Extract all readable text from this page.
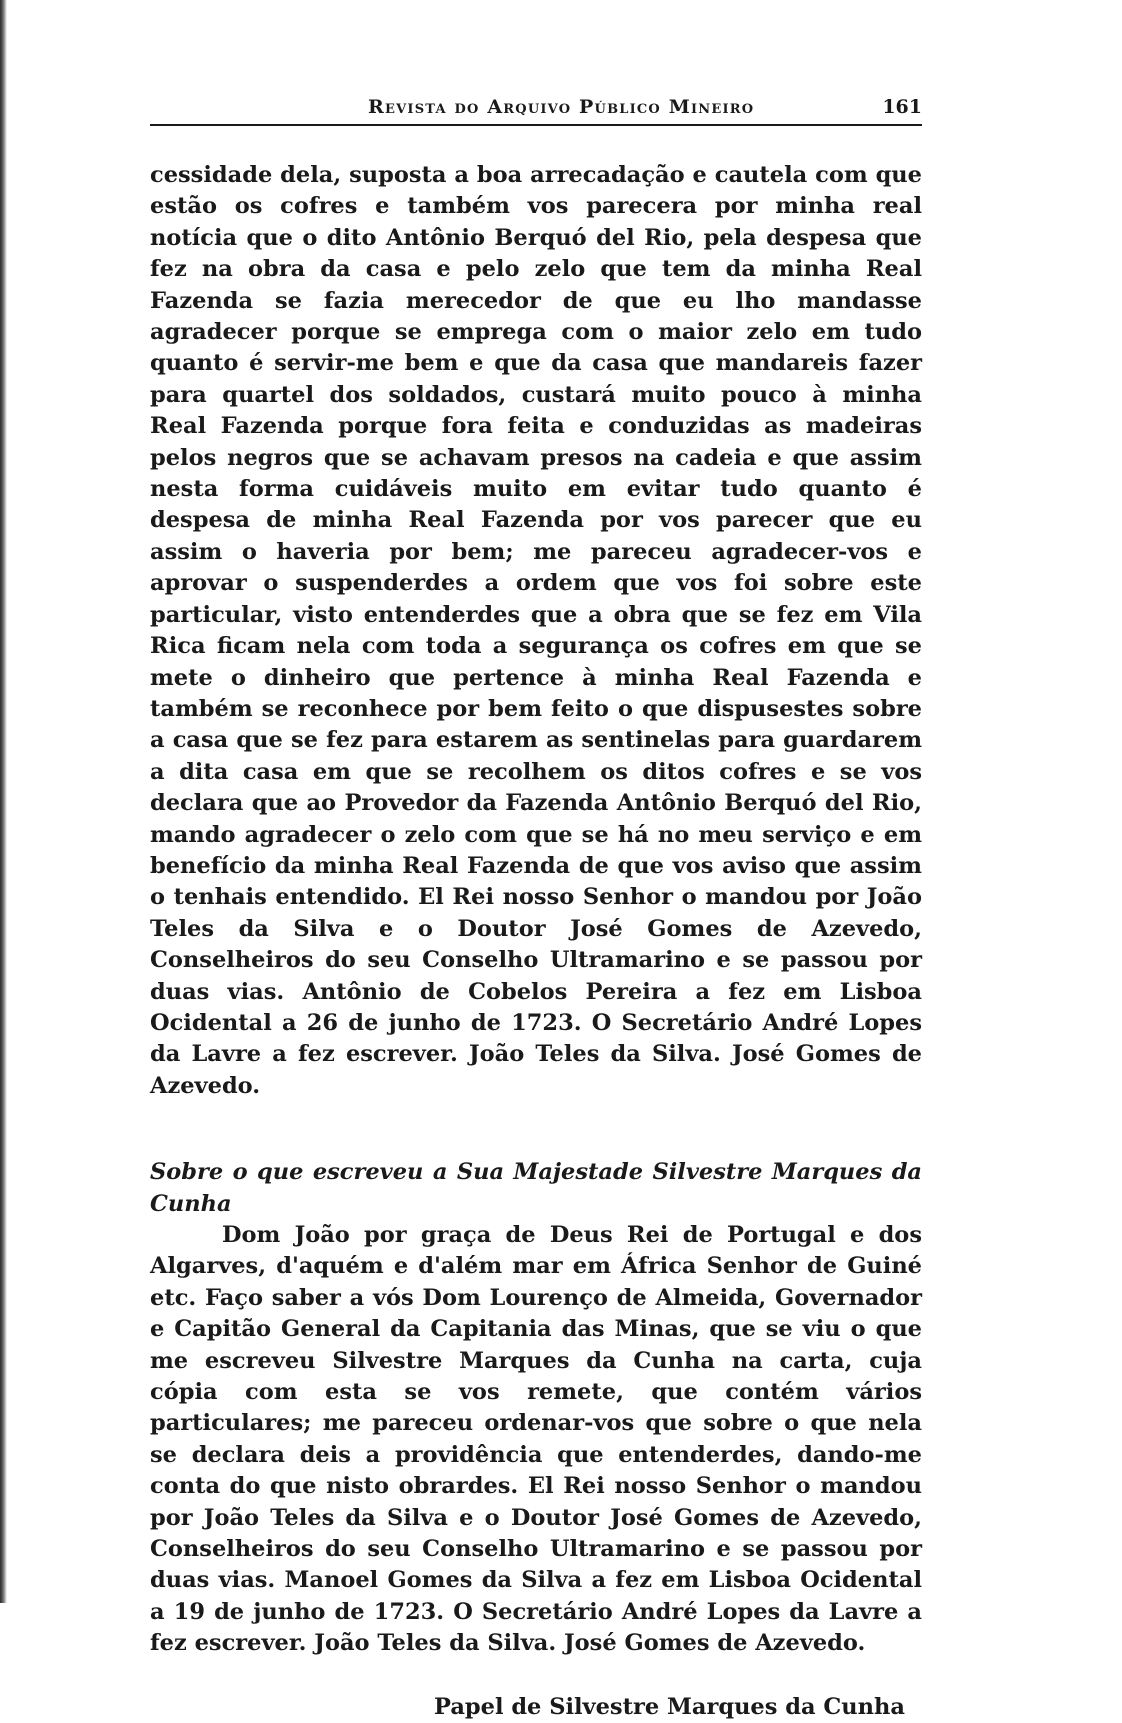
Revista do Arquivo Público Mineiro	161

cessidade dela, suposta a boa arrecadação e cautela com que estão os cofres e também vos parecera por minha real notícia que o dito Antônio Berquó del Rio, pela despesa que fez na obra da casa e pelo zelo que tem da minha Real Fazenda se fazia merecedor de que eu lho mandasse agradecer porque se emprega com o maior zelo em tudo quanto é servir-me bem e que da casa que mandareis fazer para quartel dos soldados, custará muito pouco à minha Real Fazenda porque fora feita e conduzidas as madeiras pelos negros que se achavam presos na cadeia e que assim nesta forma cuidáveis muito em evitar tudo quanto é despesa de minha Real Fazenda por vos parecer que eu assim o haveria por bem; me pareceu agradecer-vos e aprovar o suspenderdes a ordem que vos foi sobre este particular, visto entenderdes que a obra que se fez em Vila Rica ficam nela com toda a segurança os cofres em que se mete o dinheiro que pertence à minha Real Fazenda e também se reconhece por bem feito o que dispusestes sobre a casa que se fez para estarem as sentinelas para guardarem a dita casa em que se recolhem os ditos cofres e se vos declara que ao Provedor da Fazenda Antônio Berquó del Rio, mando agradecer o zelo com que se há no meu serviço e em benefício da minha Real Fazenda de que vos aviso que assim o tenhais entendido. El Rei nosso Senhor o mandou por João Teles da Silva e o Doutor José Gomes de Azevedo, Conselheiros do seu Conselho Ultramarino e se passou por duas vias. Antônio de Cobelos Pereira a fez em Lisboa Ocidental a 26 de junho de 1723. O Secretário André Lopes da Lavre a fez escrever. João Teles da Silva. José Gomes de Azevedo.

Sobre o que escreveu a Sua Majestade Silvestre Marques da Cunha

Dom João por graça de Deus Rei de Portugal e dos Algarves, d'aquém e d'além mar em África Senhor de Guiné etc. Faço saber a vós Dom Lourenço de Almeida, Governador e Capitão General da Capitania das Minas, que se viu o que me escreveu Silvestre Marques da Cunha na carta, cuja cópia com esta se vos remete, que contém vários particulares; me pareceu ordenar-vos que sobre o que nela se declara deis a providência que entenderdes, dando-me conta do que nisto obrardes. El Rei nosso Senhor o mandou por João Teles da Silva e o Doutor José Gomes de Azevedo, Conselheiros do seu Conselho Ultramarino e se passou por duas vias. Manoel Gomes da Silva a fez em Lisboa Ocidental a 19 de junho de 1723. O Secretário André Lopes da Lavre a fez escrever. João Teles da Silva. José Gomes de Azevedo.

Papel de Silvestre Marques da Cunha
